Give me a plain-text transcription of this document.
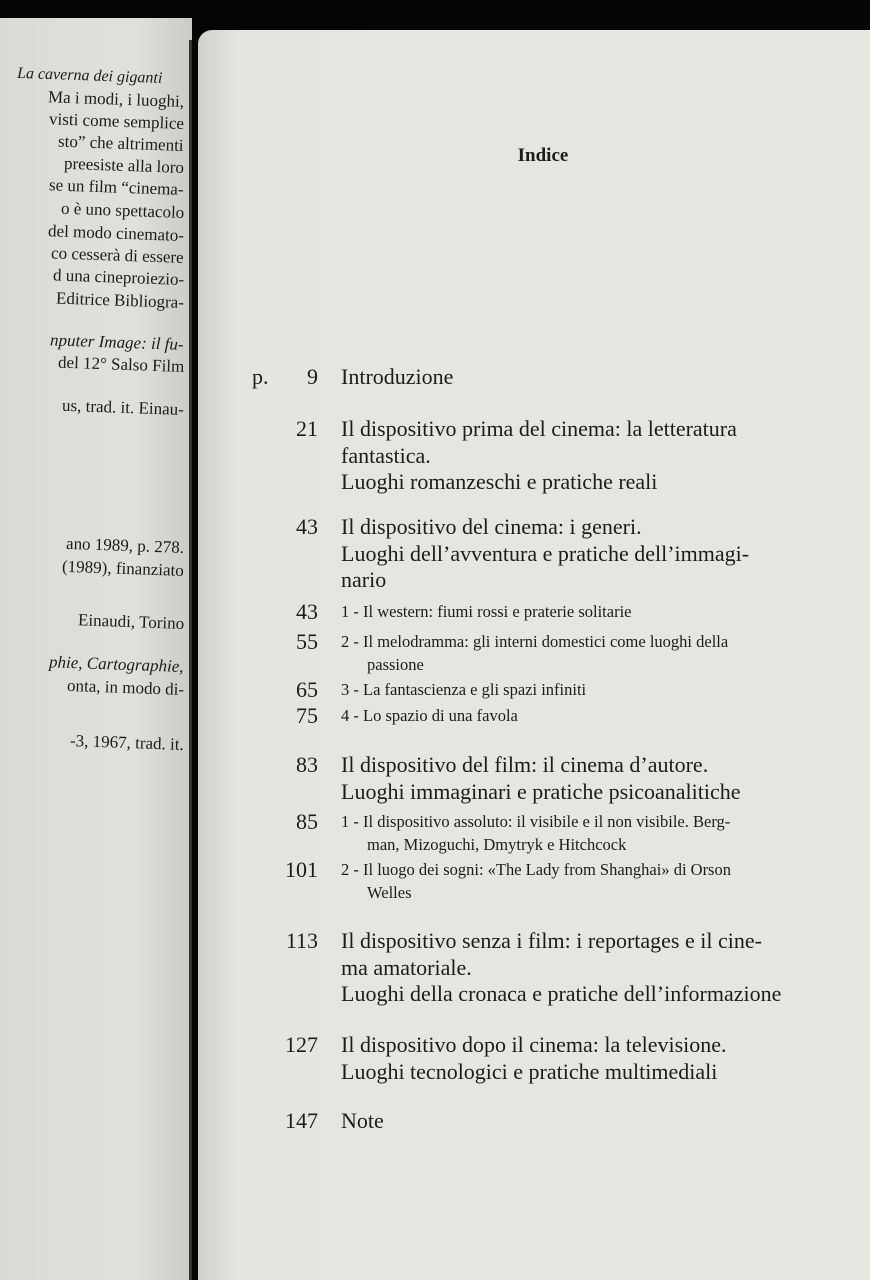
La caverna dei giganti
Ma i modi, i luoghi,
visti come semplice
sto” che altrimenti
preesiste alla loro
se un film “cinema-
o è uno spettacolo
del modo cinemato-
co cesserà di essere
d una cineproiezio-
Editrice Bibliogra-
nputer Image: il fu-
del 12° Salso Film
us, trad. it. Einau-
ano 1989, p. 278.
(1989), finanziato
Einaudi, Torino
phie, Cartographie,
onta, in modo di-
-3, 1967, trad. it.
Indice
p. 9 Introduzione
21 Il dispositivo prima del cinema: la letteratura
fantastica.
Luoghi romanzeschi e pratiche reali
43 Il dispositivo del cinema: i generi.
Luoghi dell’avventura e pratiche dell’immagi-
nario
43 1 - Il western: fiumi rossi e praterie solitarie
55 2 - Il melodramma: gli interni domestici come luoghi della
passione
65 3 - La fantascienza e gli spazi infiniti
75 4 - Lo spazio di una favola
83 Il dispositivo del film: il cinema d’autore.
Luoghi immaginari e pratiche psicoanalitiche
85 1 - Il dispositivo assoluto: il visibile e il non visibile. Berg-
man, Mizoguchi, Dmytryk e Hitchcock
101 2 - Il luogo dei sogni: «The Lady from Shanghai» di Orson
Welles
113 Il dispositivo senza i film: i reportages e il cine-
ma amatoriale.
Luoghi della cronaca e pratiche dell’informazione
127 Il dispositivo dopo il cinema: la televisione.
Luoghi tecnologici e pratiche multimediali
147 Note
